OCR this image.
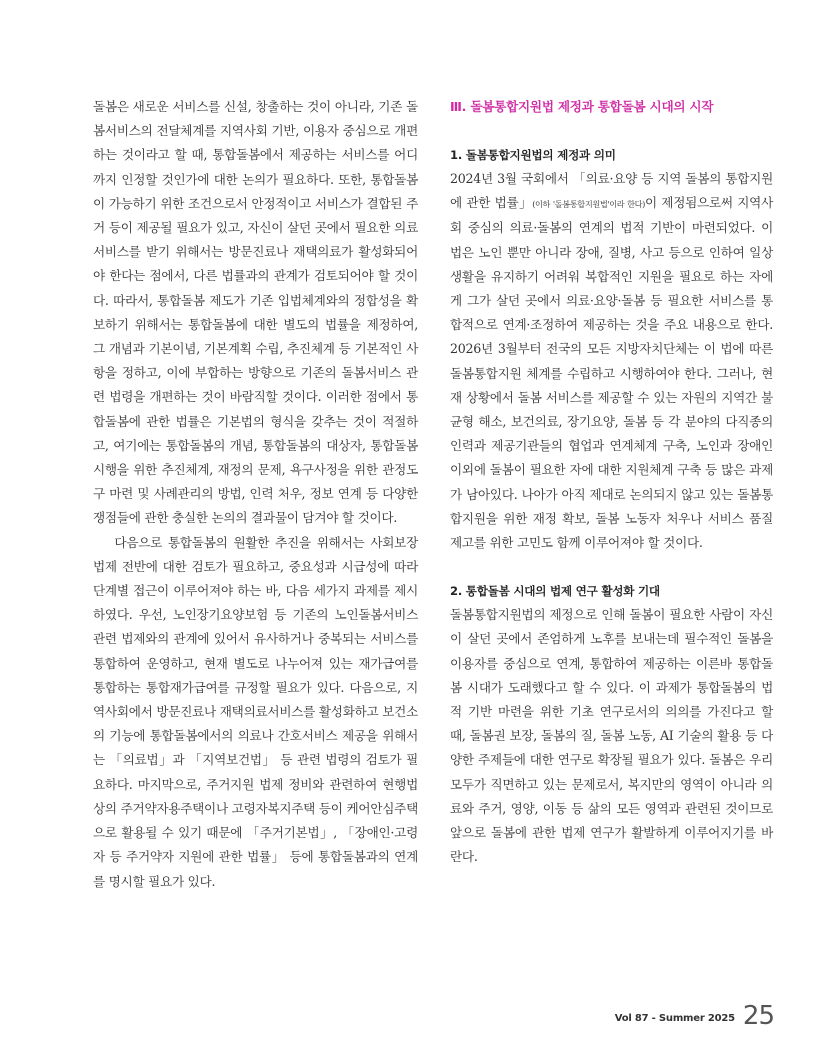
돌봄은 새로운 서비스를 신설, 창출하는 것이 아니라, 기존 돌봄서비스의 전달체계를 지역사회 기반, 이용자 중심으로 개편하는 것이라고 할 때, 통합돌봄에서 제공하는 서비스를 어디까지 인정할 것인가에 대한 논의가 필요하다. 또한, 통합돌봄이 가능하기 위한 조건으로서 안정적이고 서비스가 결합된 주거 등이 제공될 필요가 있고, 자신이 살던 곳에서 필요한 의료서비스를 받기 위해서는 방문진료나 재택의료가 활성화되어야 한다는 점에서, 다른 법률과의 관계가 검토되어야 할 것이다. 따라서, 통합돌봄 제도가 기존 입법체계와의 정합성을 확보하기 위해서는 통합돌봄에 대한 별도의 법률을 제정하여, 그 개념과 기본이념, 기본계획 수립, 추진체계 등 기본적인 사항을 정하고, 이에 부합하는 방향으로 기존의 돌봄서비스 관련 법령을 개편하는 것이 바람직할 것이다. 이러한 점에서 통합돌봄에 관한 법률은 기본법의 형식을 갖추는 것이 적절하고, 여기에는 통합돌봄의 개념, 통합돌봄의 대상자, 통합돌봄 시행을 위한 추진체계, 재정의 문제, 욕구사정을 위한 관정도구 마련 및 사례관리의 방법, 인력 처우, 정보 연계 등 다양한 쟁점들에 관한 충실한 논의의 결과물이 담겨야 할 것이다.

다음으로 통합돌봄의 원활한 추진을 위해서는 사회보장 법제 전반에 대한 검토가 필요하고, 중요성과 시급성에 따라 단계별 접근이 이루어져야 하는 바, 다음 세가지 과제를 제시하였다. 우선, 노인장기요양보험 등 기존의 노인돌봄서비스 관련 법제와의 관계에 있어서 유사하거나 중복되는 서비스를 통합하여 운영하고, 현재 별도로 나누어져 있는 재가급여를 통합하는 통합재가급여를 규정할 필요가 있다. 다음으로, 지역사회에서 방문진료나 재택의료서비스를 활성화하고 보건소의 기능에 통합돌봄에서의 의료나 간호서비스 제공을 위해서는 「의료법」과 「지역보건법」 등 관련 법령의 검토가 필요하다. 마지막으로, 주거지원 법제 정비와 관련하여 현행법상의 주거약자용주택이나 고령자복지주택 등이 케어안심주택으로 활용될 수 있기 때문에 「주거기본법」, 「장애인·고령자 등 주거약자 지원에 관한 법률」 등에 통합돌봄과의 연계를 명시할 필요가 있다.

Ⅲ. 돌봄통합지원법 제정과 통합돌봄 시대의 시작

1. 돌봄통합지원법의 제정과 의미

2024년 3월 국회에서 「의료·요양 등 지역 돌봄의 통합지원에 관한 법률」(이하 '돌봄통합지원법'이라 한다)이 제정됨으로써 지역사회 중심의 의료·돌봄의 연계의 법적 기반이 마련되었다. 이 법은 노인 뿐만 아니라 장애, 질병, 사고 등으로 인하여 일상생활을 유지하기 어려워 복합적인 지원을 필요로 하는 자에게 그가 살던 곳에서 의료·요양·돌봄 등 필요한 서비스를 통합적으로 연계·조정하여 제공하는 것을 주요 내용으로 한다. 2026년 3월부터 전국의 모든 지방자치단체는 이 법에 따른 돌봄통합지원 체계를 수립하고 시행하여야 한다. 그러나, 현재 상황에서 돌봄 서비스를 제공할 수 있는 자원의 지역간 불균형 해소, 보건의료, 장기요양, 돌봄 등 각 분야의 다직종의 인력과 제공기관들의 협업과 연계체계 구축, 노인과 장애인 이외에 돌봄이 필요한 자에 대한 지원체계 구축 등 많은 과제가 남아있다. 나아가 아직 제대로 논의되지 않고 있는 돌봄통합지원을 위한 재정 확보, 돌봄 노동자 처우나 서비스 품질 제고를 위한 고민도 함께 이루어져야 할 것이다.

2. 통합돌봄 시대의 법제 연구 활성화 기대

돌봄통합지원법의 제정으로 인해 돌봄이 필요한 사람이 자신이 살던 곳에서 존엄하게 노후를 보내는데 필수적인 돌봄을 이용자를 중심으로 연계, 통합하여 제공하는 이른바 통합돌봄 시대가 도래했다고 할 수 있다. 이 과제가 통합돌봄의 법적 기반 마련을 위한 기초 연구로서의 의의를 가진다고 할 때, 돌봄권 보장, 돌봄의 질, 돌봄 노동, AI 기술의 활용 등 다양한 주제들에 대한 연구로 확장될 필요가 있다. 돌봄은 우리 모두가 직면하고 있는 문제로서, 복지만의 영역이 아니라 의료와 주거, 영양, 이동 등 삶의 모든 영역과 관련된 것이므로 앞으로 돌봄에 관한 법제 연구가 활발하게 이루어지기를 바란다.

Vol 87 - Summer 2025 25
